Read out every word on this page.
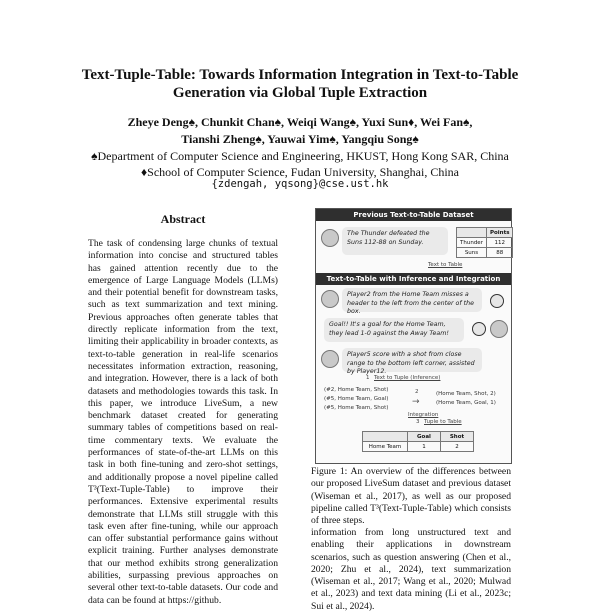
Text-Tuple-Table: Towards Information Integration in Text-to-Table
Generation via Global Tuple Extraction
Zheye Deng♠, Chunkit Chan♠, Weiqi Wang♠, Yuxi Sun♦, Wei Fan♠,
Tianshi Zheng♠, Yauwai Yim♠, Yangqiu Song♠
♠Department of Computer Science and Engineering, HKUST, Hong Kong SAR, China
♦School of Computer Science, Fudan University, Shanghai, China
{zdengah, yqsong}@cse.ust.hk
Abstract

The task of condensing large chunks of textual information into concise and structured tables has gained attention recently due to the emergence of Large Language Models (LLMs) and their potential benefit for downstream tasks, such as text summarization and text mining. Previous approaches often generate tables that directly replicate information from the text, limiting their applicability in broader contexts, as text-to-table generation in real-life scenarios necessitates information extraction, reasoning, and integration. However, there is a lack of both datasets and methodologies towards this task. In this paper, we introduce LiveSum, a new benchmark dataset created for generating summary tables of competitions based on real-time commentary texts. We evaluate the performances of state-of-the-art LLMs on this task in both fine-tuning and zero-shot settings, and additionally propose a novel pipeline called T³(Text-Tuple-Table) to improve their performances. Extensive experimental results demonstrate that LLMs still struggle with this task even after fine-tuning, while our approach can offer substantial performance gains without explicit training. Further analyses demonstrate that our method exhibits strong generalization abilities, surpassing previous approaches on several other text-to-table datasets. Our code and data can be found at https://github.

Previous Text-to-Table Dataset
The Thunder defeated the Suns 112-88 on Sunday.
	Points
Thunder	112
Suns	88
Text to Table
Text-to-Table with Inference and Integration
Player2 from the Home Team misses a header to the left from the center of the box.
Goal!! It's a goal for the Home Team, they lead 1-0 against the Away Team!
Player5 score with a shot from close range to the bottom left corner, assisted by Player12.
1 Text to Tuple (Inference)
(#2, Home Team, Shot)
(#5, Home Team, Goal)
(#5, Home Team, Shot)
2
Integration
→
(Home Team, Shot, 2)
(Home Team, Goal, 1)
3 Tuple to Table
	Goal	Shot
Home Team	1	2
Figure 1: An overview of the differences between our proposed LiveSum dataset and previous dataset (Wiseman et al., 2017), as well as our proposed pipeline called T³(Text-Tuple-Table) which consists of three steps.
information from long unstructured text and enabling their applications in downstream scenarios, such as question answering (Chen et al., 2020; Zhu et al., 2024), text summarization (Wiseman et al., 2017; Wang et al., 2020; Mulwad et al., 2023) and text data mining (Li et al., 2023c; Sui et al., 2024).
